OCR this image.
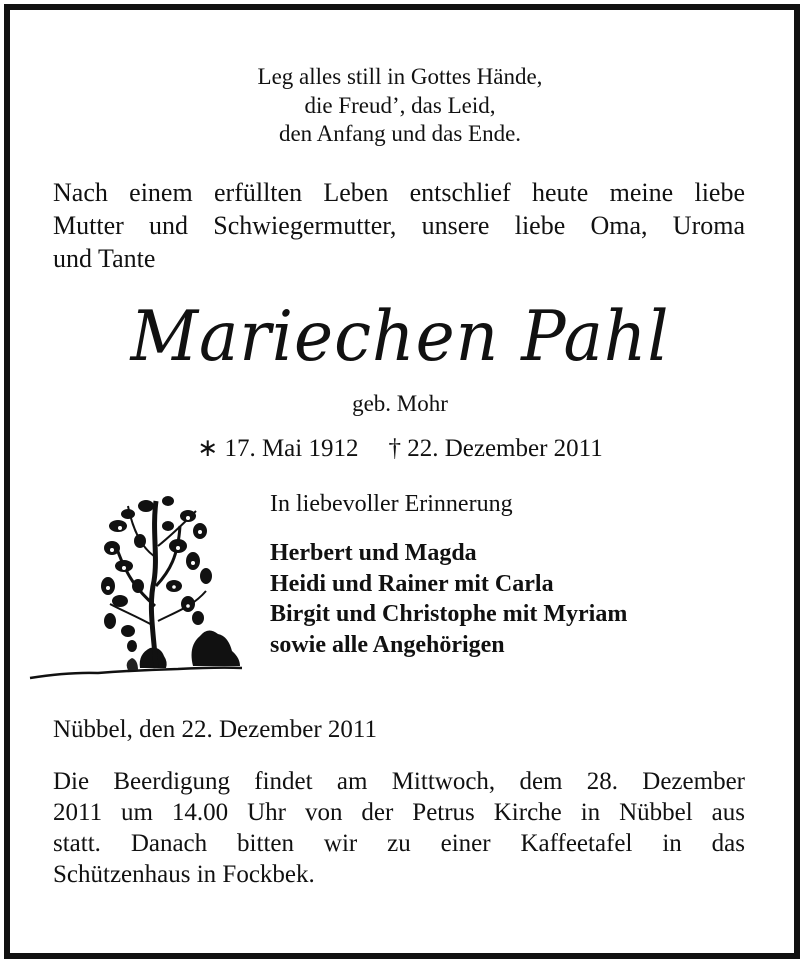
Leg alles still in Gottes Hände,
die Freud’, das Leid,
den Anfang und das Ende.
Nach einem erfüllten Leben entschlief heute meine liebe
Mutter und Schwiegermutter, unsere liebe Oma, Uroma
und Tante
Mariechen Pahl
geb. Mohr
∗ 17. Mai 1912 † 22. Dezember 2011
In liebevoller Erinnerung
Herbert und Magda
Heidi und Rainer mit Carla
Birgit und Christophe mit Myriam
sowie alle Angehörigen
Nübbel, den 22. Dezember 2011
Die Beerdigung findet am Mittwoch, dem 28. Dezember
2011 um 14.00 Uhr von der Petrus Kirche in Nübbel aus
statt. Danach bitten wir zu einer Kaffeetafel in das
Schützenhaus in Fockbek.
